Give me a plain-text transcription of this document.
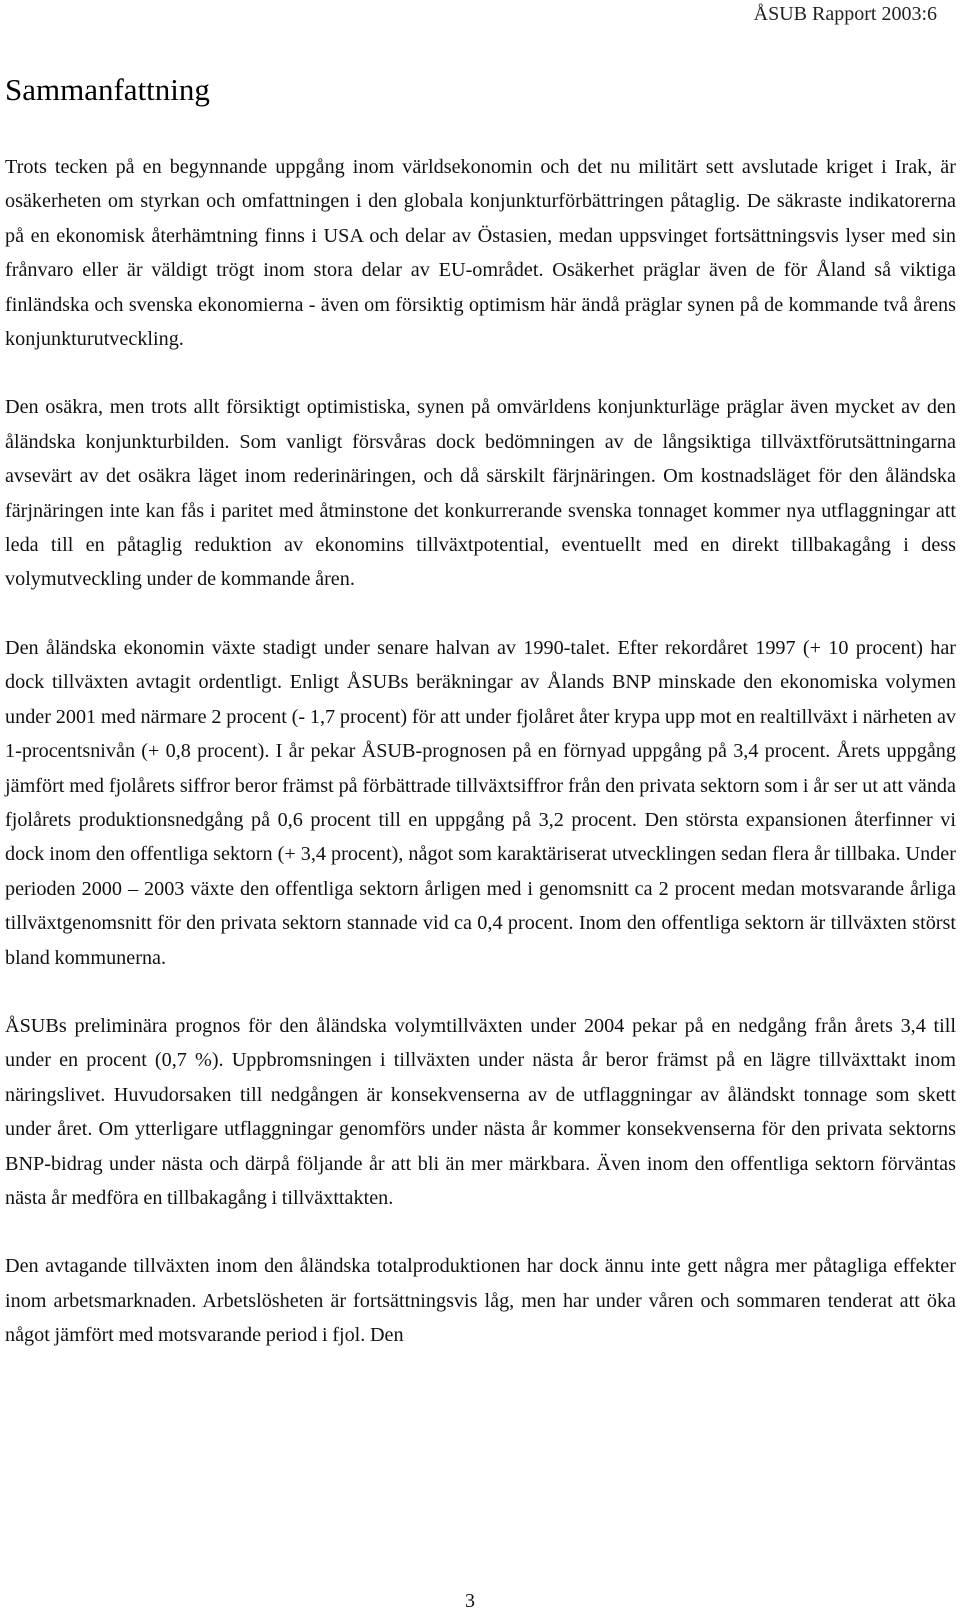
ÅSUB Rapport 2003:6
Sammanfattning

Trots tecken på en begynnande uppgång inom världsekonomin och det nu militärt sett avslutade kriget i Irak, är osäkerheten om styrkan och omfattningen i den globala konjunkturförbättringen påtaglig. De säkraste indikatorerna på en ekonomisk återhämtning finns i USA och delar av Östasien, medan uppsvinget fortsättningsvis lyser med sin frånvaro eller är väldigt trögt inom stora delar av EU-området. Osäkerhet präglar även de för Åland så viktiga finländska och svenska ekonomierna - även om försiktig optimism här ändå präglar synen på de kommande två årens konjunkturutveckling.

Den osäkra, men trots allt försiktigt optimistiska, synen på omvärldens konjunkturläge präglar även mycket av den åländska konjunkturbilden. Som vanligt försvåras dock bedömningen av de långsiktiga tillväxtförutsättningarna avsevärt av det osäkra läget inom rederinäringen, och då särskilt färjnäringen. Om kostnadsläget för den åländska färjnäringen inte kan fås i paritet med åtminstone det konkurrerande svenska tonnaget kommer nya utflaggningar att leda till en påtaglig reduktion av ekonomins tillväxtpotential, eventuellt med en direkt tillbakagång i dess volymutveckling under de kommande åren.

Den åländska ekonomin växte stadigt under senare halvan av 1990-talet. Efter rekordåret 1997 (+ 10 procent) har dock tillväxten avtagit ordentligt. Enligt ÅSUBs beräkningar av Ålands BNP minskade den ekonomiska volymen under 2001 med närmare 2 procent (- 1,7 procent) för att under fjolåret åter krypa upp mot en realtillväxt i närheten av 1-procentsnivån (+ 0,8 procent). I år pekar ÅSUB-prognosen på en förnyad uppgång på 3,4 procent. Årets uppgång jämfört med fjolårets siffror beror främst på förbättrade tillväxtsiffror från den privata sektorn som i år ser ut att vända fjolårets produktionsnedgång på 0,6 procent till en uppgång på 3,2 procent. Den största expansionen återfinner vi dock inom den offentliga sektorn (+ 3,4 procent), något som karaktäriserat utvecklingen sedan flera år tillbaka. Under perioden 2000 – 2003 växte den offentliga sektorn årligen med i genomsnitt ca 2 procent medan motsvarande årliga tillväxtgenomsnitt för den privata sektorn stannade vid ca 0,4 procent. Inom den offentliga sektorn är tillväxten störst bland kommunerna.

ÅSUBs preliminära prognos för den åländska volymtillväxten under 2004 pekar på en nedgång från årets 3,4 till under en procent (0,7 %). Uppbromsningen i tillväxten under nästa år beror främst på en lägre tillväxttakt inom näringslivet. Huvudorsaken till nedgången är konsekvenserna av de utflaggningar av åländskt tonnage som skett under året. Om ytterligare utflaggningar genomförs under nästa år kommer konsekvenserna för den privata sektorns BNP-bidrag under nästa och därpå följande år att bli än mer märkbara. Även inom den offentliga sektorn förväntas nästa år medföra en tillbakagång i tillväxttakten.

Den avtagande tillväxten inom den åländska totalproduktionen har dock ännu inte gett några mer påtagliga effekter inom arbetsmarknaden. Arbetslösheten är fortsättningsvis låg, men har under våren och sommaren tenderat att öka något jämfört med motsvarande period i fjol. Den

3
